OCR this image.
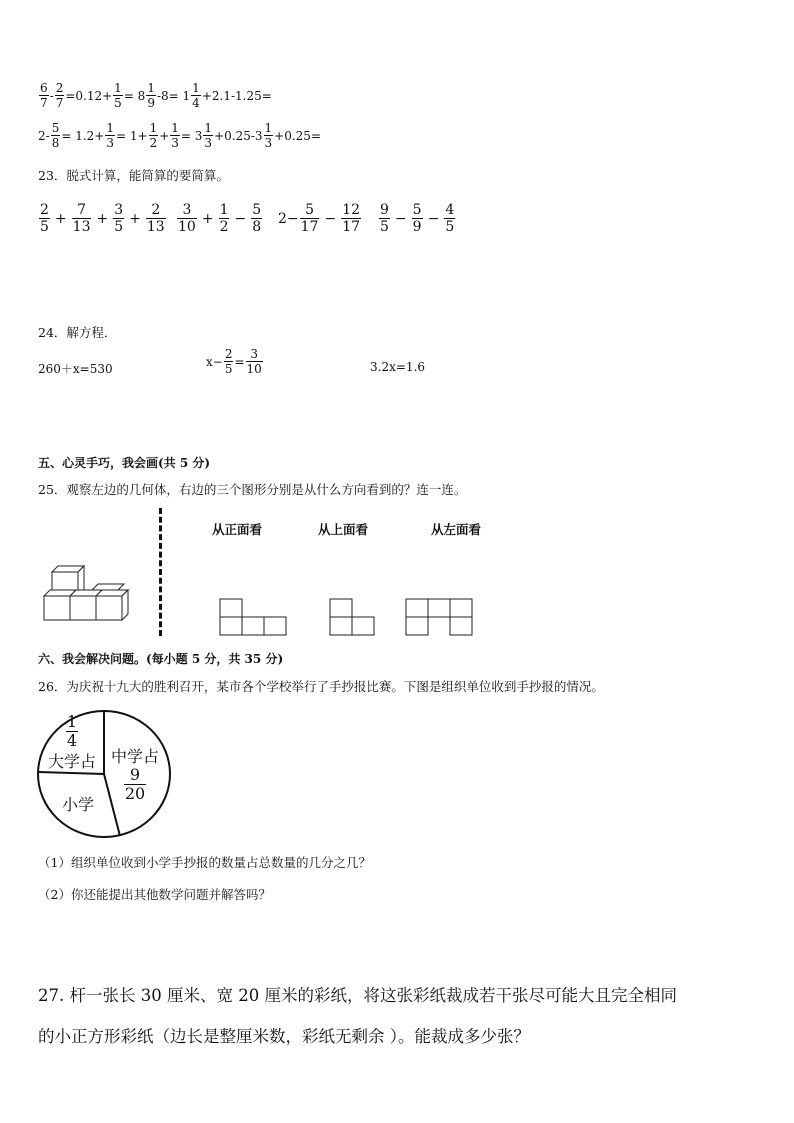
$\frac{6}{7} - \frac{2}{7} =0.12+ \frac{1}{5} = 8 \frac{1}{9} -8= 1 \frac{1}{4} +2.1-1.25=$
$2- \frac{5}{8} = 1.2+ \frac{1}{3} = 1+ \frac{1}{2} + \frac{1}{3} = 3 \frac{1}{3} +0.25-3 \frac{1}{3} +0.25=$
23．脱式计算，能简算的要简算。
$\frac{2}{5} + \frac{7}{13} + \frac{3}{5} + \frac{2}{13} \frac{3}{10} + \frac{1}{2} - \frac{5}{8} 2- \frac{5}{17} - \frac{12}{17} \frac{9}{5} - \frac{5}{9} - \frac{4}{5}$
24．解方程．
260＋x=530
$x- \frac{2}{5} = \frac{3}{10}$	3.2x=1.6
五、心灵手巧，我会画(共 5 分)
25．观察左边的几何体，右边的三个图形分别是从什么方向看到的？连一连。
从正面看	从上面看	从左面看
六、我会解决问题。(每小题 5 分，共 35 分)
26．为庆祝十九大的胜利召开，某市各个学校举行了手抄报比赛。下图是组织单位收到手抄报的情况。
$\frac{1}{4}$
大学占 中学占
$\frac{9}{20}$
小学
（1）组织单位收到小学手抄报的数量占总数量的几分之几？
（2）你还能提出其他数学问题并解答吗？
27. 杆一张长 30 厘米、宽 20 厘米的彩纸，将这张彩纸裁成若干张尽可能大且完全相同
的小正方形彩纸（边长是整厘米数，彩纸无剩余 ）。能裁成多少张？
